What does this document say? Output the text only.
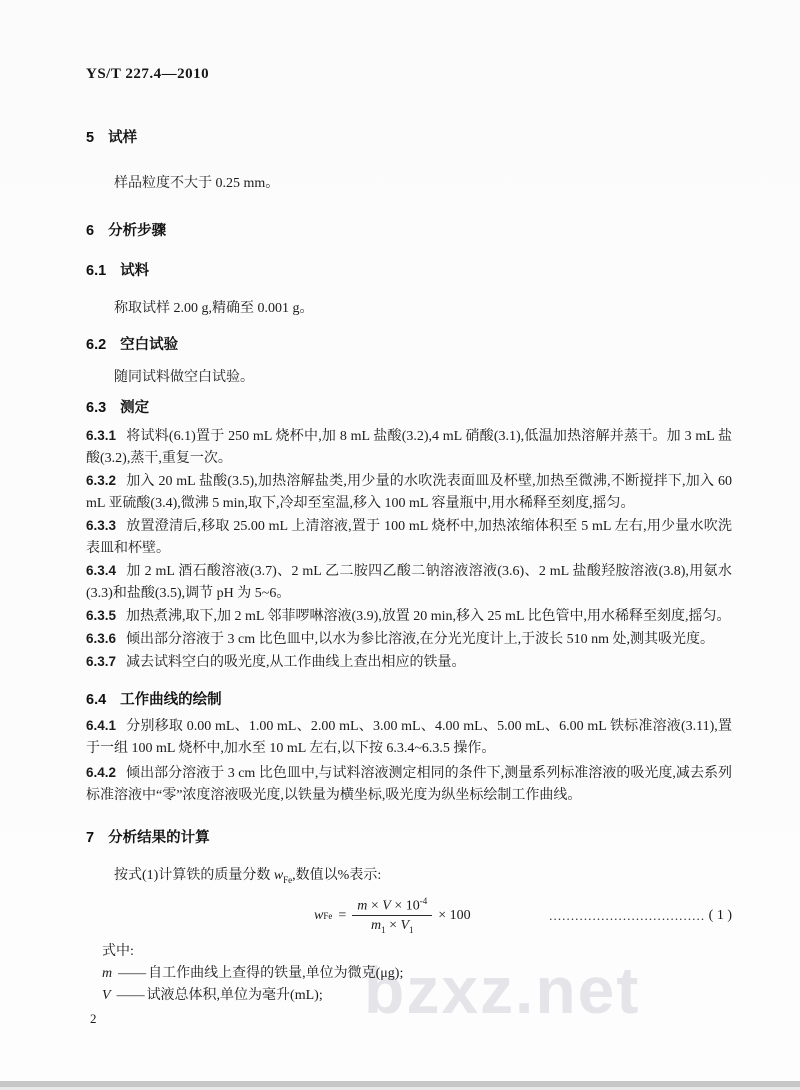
bzxz.net
YS/T 227.4—2010
5 试样

样品粒度不大于 0.25 mm。

6 分析步骤
6.1 试料

称取试样 2.00 g,精确至 0.001 g。

6.2 空白试验

随同试料做空白试验。

6.3 测定

6.3.1 将试料(6.1)置于 250 mL 烧杯中,加 8 mL 盐酸(3.2),4 mL 硝酸(3.1),低温加热溶解并蒸干。加 3 mL 盐酸(3.2),蒸干,重复一次。

6.3.2 加入 20 mL 盐酸(3.5),加热溶解盐类,用少量的水吹洗表面皿及杯壁,加热至微沸,不断搅拌下,加入 60 mL 亚硫酸(3.4),微沸 5 min,取下,冷却至室温,移入 100 mL 容量瓶中,用水稀释至刻度,摇匀。

6.3.3 放置澄清后,移取 25.00 mL 上清溶液,置于 100 mL 烧杯中,加热浓缩体积至 5 mL 左右,用少量水吹洗表皿和杯壁。

6.3.4 加 2 mL 酒石酸溶液(3.7)、2 mL 乙二胺四乙酸二钠溶液溶液(3.6)、2 mL 盐酸羟胺溶液(3.8),用氨水(3.3)和盐酸(3.5),调节 pH 为 5~6。

6.3.5 加热煮沸,取下,加 2 mL 邻菲啰啉溶液(3.9),放置 20 min,移入 25 mL 比色管中,用水稀释至刻度,摇匀。

6.3.6 倾出部分溶液于 3 cm 比色皿中,以水为参比溶液,在分光光度计上,于波长 510 nm 处,测其吸光度。

6.3.7 减去试料空白的吸光度,从工作曲线上查出相应的铁量。

6.4 工作曲线的绘制

6.4.1 分别移取 0.00 mL、1.00 mL、2.00 mL、3.00 mL、4.00 mL、5.00 mL、6.00 mL 铁标准溶液(3.11),置于一组 100 mL 烧杯中,加水至 10 mL 左右,以下按 6.3.4~6.3.5 操作。

6.4.2 倾出部分溶液于 3 cm 比色皿中,与试料溶液测定相同的条件下,测量系列标准溶液的吸光度,减去系列标准溶液中“零”浓度溶液吸光度,以铁量为横坐标,吸光度为纵坐标绘制工作曲线。

7 分析结果的计算

按式(1)计算铁的质量分数 $w_{Fe}$,数值以%表示:

w $Fe = \frac{m \times V \times 10^{-4}}{m_1 \times V_1} \times 100$	……………………………… ( 1 )

式中:

m —— 自工作曲线上查得的铁量,单位为微克(μg);

V —— 试液总体积,单位为毫升(mL);

2
